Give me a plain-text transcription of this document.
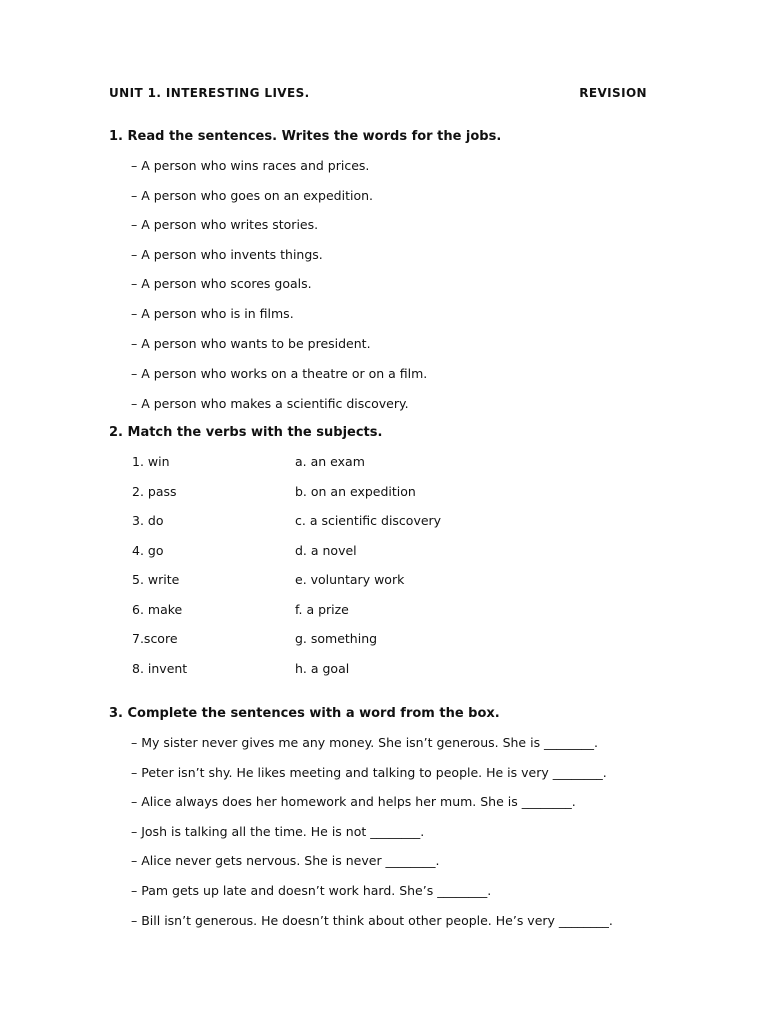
UNIT 1. INTERESTING LIVES.	REVISION
1. Read the sentences. Writes the words for the jobs.
– A person who wins races and prices.
– A person who goes on an expedition.
– A person who writes stories.
– A person who invents things.
– A person who scores goals.
– A person who is in films.
– A person who wants to be president.
– A person who works on a theatre or on a film.
– A person who makes a scientific discovery.
2. Match the verbs with the subjects.
1. win	a. an exam
2. pass	b. on an expedition
3. do	c. a scientific discovery
4. go	d. a novel
5. write	e. voluntary work
6. make	f. a prize
7.score	g. something
8. invent	h. a goal
3. Complete the sentences with a word from the box.
– My sister never gives me any money. She isn’t generous. She is ________.
– Peter isn’t shy. He likes meeting and talking to people. He is very ________.
– Alice always does her homework and helps her mum. She is ________.
– Josh is talking all the time. He is not ________.
– Alice never gets nervous. She is never ________.
– Pam gets up late and doesn’t work hard. She’s ________.
– Bill isn’t generous. He doesn’t think about other people. He’s very ________.
